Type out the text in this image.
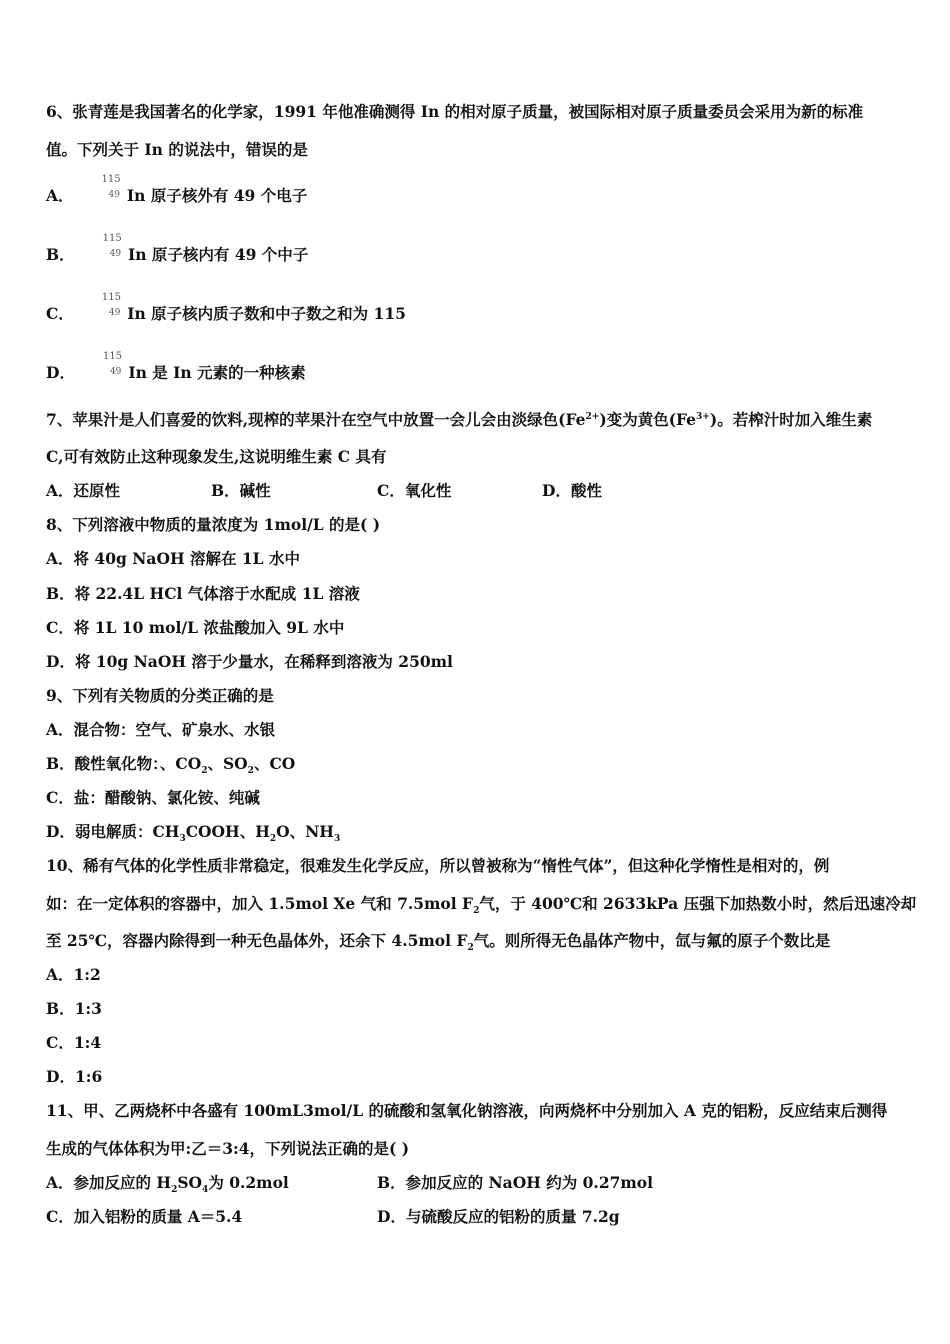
6、张青莲是我国著名的化学家，1991 年他准确测得 In 的相对原子质量，被国际相对原子质量委员会采用为新的标准
值。下列关于 In 的说法中，错误的是
A．
115
49 In 原子核外有 49 个电子
B．
115
49 In 原子核内有 49 个中子
C．
115
49 In 原子核内质子数和中子数之和为 115
D．
115
49 In 是 In 元素的一种核素
7、苹果汁是人们喜爱的饮料,现榨的苹果汁在空气中放置一会儿会由淡绿色$(Fe^{2+})$变为黄色$(Fe^{3+})$。若榨汁时加入维生素
C,可有效防止这种现象发生,这说明维生素 C 具有
A．还原性	B．碱性	C．氧化性	D．酸性
8、下列溶液中物质的量浓度为 1mol/L 的是( )
A．将 40g NaOH 溶解在 1L 水中
B．将 22.4L HCl 气体溶于水配成 1L 溶液
C．将 1L 10 mol/L 浓盐酸加入 9L 水中
D．将 10g NaOH 溶于少量水，在稀释到溶液为 250ml
9、下列有关物质的分类正确的是
A．混合物：空气、矿泉水、水银
B．酸性氧化物：、$CO_2$、$SO_2$、CO
C．盐：醋酸钠、氯化铵、纯碱
D．弱电解质：$CH_3COOH$、$H_2O$、$NH_3$
10、稀有气体的化学性质非常稳定，很难发生化学反应，所以曾被称为“惰性气体”，但这种化学惰性是相对的，例
如：在一定体积的容器中，加入 1.5mol Xe 气和 7.5mol $F_2$气，于 400℃和 2633kPa 压强下加热数小时，然后迅速冷却
至 25℃，容器内除得到一种无色晶体外，还余下 4.5mol $F_2$气。则所得无色晶体产物中，氙与氟的原子个数比是
A．1:2
B．1:3
C．1:4
D．1:6
11、甲、乙两烧杯中各盛有 100mL3mol/L 的硫酸和氢氧化钠溶液，向两烧杯中分别加入 A 克的铝粉，反应结束后测得
生成的气体体积为甲:乙＝3:4，下列说法正确的是( )
A．参加反应的 $H_2SO_4$为 0.2mol	B．参加反应的 NaOH 约为 0.27mol
C．加入铝粉的质量 A＝5.4	D．与硫酸反应的铝粉的质量 7.2g
